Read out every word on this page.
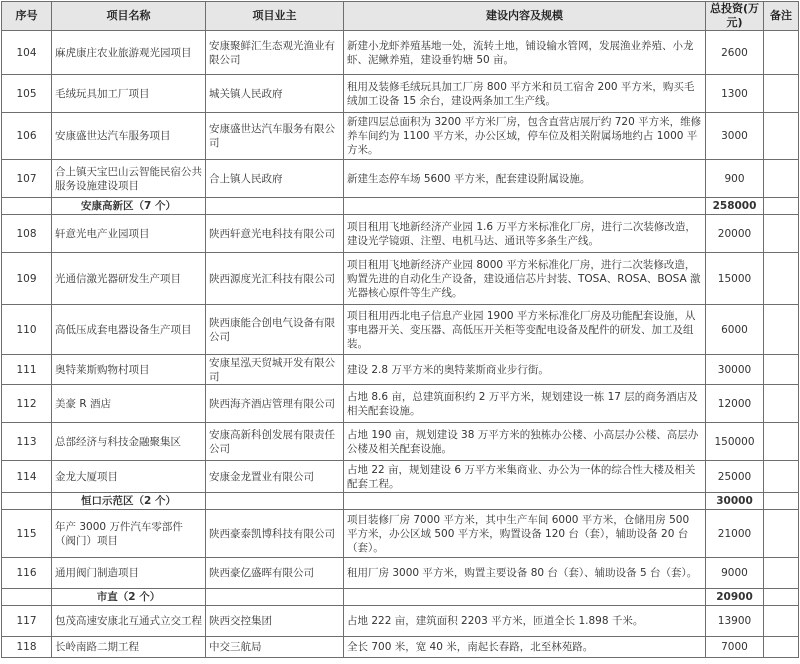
序号	项目名称	项目业主	建设内容及规模	总投资(万元)	备注
104	麻虎康庄农业旅游观光园项目	安康聚鲜汇生态观光渔业有限公司	新建小龙虾养殖基地一处，流转土地，铺设输水管网，发展渔业养殖、小龙虾、泥鳅养殖，建设垂钓塘 50 亩。	2600	
105	毛绒玩具加工厂项目	城关镇人民政府	租用及装修毛绒玩具加工厂房 800 平方米和员工宿舍 200 平方米，购买毛绒加工设备 15 余台，建设两条加工生产线。	1300	
106	安康盛世达汽车服务项目	安康盛世达汽车服务有限公司	新建四层总面积为 3200 平方米厂房，包含直营店展厅约 720 平方米，维修养车间约为 1100 平方米，办公区域，停车位及相关附属场地约占 1000 平方米。	3000	
107	合上镇天宝巴山云智能民宿公共服务设施建设项目	合上镇人民政府	新建生态停车场 5600 平方米，配套建设附属设施。	900	
	安康高新区（7 个）			258000	
108	轩意光电产业园项目	陕西轩意光电科技有限公司	项目租用飞地新经济产业园 1.6 万平方米标准化厂房，进行二次装修改造，建设光学镜頭、注塑、电机马达、通讯等多条生产线。	20000	
109	光通信激光器研发生产项目	陕西源度光汇科技有限公司	项目租用飞地新经济产业园 8000 平方米标准化厂房，进行二次装修改造，购置先进的自动化生产设备，建设通信芯片封装、TOSA、ROSA、BOSA 激光器核心原件等生产线。	15000	
110	高低压成套电器设备生产项目	陕西康能合创电气设备有限公司	项目租用西北电子信息产业园 1900 平方米标准化厂房及功能配套设施，从事电器开关、变压器、高低压开关柜等变配电设备及配件的研发、加工及组装。	6000	
111	奥特莱斯购物村项目	安康星泓天贸城开发有限公司	建设 2.8 万平方米的奥特莱斯商业步行街。	30000	
112	美豪 R 酒店	陕西海齐酒店管理有限公司	占地 8.6 亩，总建筑面积约 2 万平方米，规划建设一栋 17 层的商务酒店及相关配套设施。	12000	
113	总部经济与科技金融聚集区	安康高新科创发展有限责任公司	占地 190 亩，规划建设 38 万平方米的独栋办公楼、小高层办公楼、高层办公楼及相关配套设施。	150000	
114	金龙大厦项目	安康金龙置业有限公司	占地 22 亩，规划建设 6 万平方米集商业、办公为一体的综合性大楼及相关配套工程。	25000	
	恒口示范区（2 个）			30000	
115	年产 3000 万件汽车零部件（阀门）项目	陕西豪泰凯博科技有限公司	项目装修厂房 7000 平方米，其中生产车间 6000 平方米，仓储用房 500 平方米，办公区域 500 平方米，购置设备 120 台（套），辅助设备 20 台（套）。	21000	
116	通用阀门制造项目	陕西豪亿盛晖有限公司	租用厂房 3000 平方米，购置主要设备 80 台（套）、辅助设备 5 台（套）。	9000	
	市直（2 个）			20900	
117	包茂高速安康北互通式立交工程	陕西交控集团	占地 222 亩，建筑面积 2203 平方米，匝道全长 1.898 千米。	13900	
118	长岭南路二期工程	中交三航局	全长 700 米，宽 40 米，南起长春路，北至林苑路。	7000	
